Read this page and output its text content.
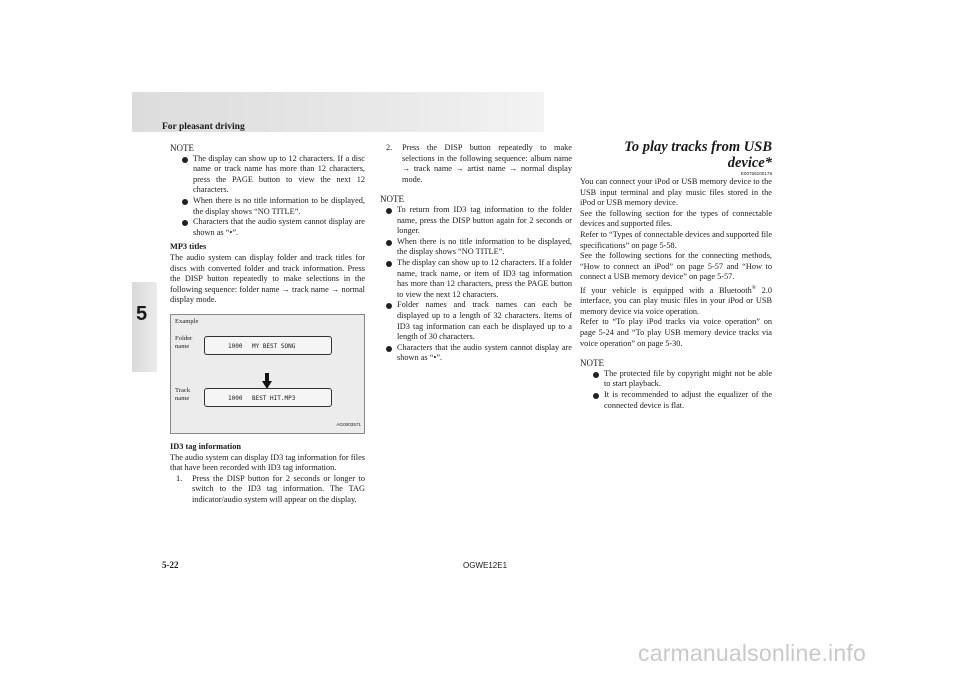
For pleasant driving
5

NOTE

The display can show up to 12 characters. If a disc name or track name has more than 12 characters, press the PAGE button to view the next 12 characters.

When there is no title information to be displayed, the display shows “NO TITLE”.

Characters that the audio system cannot display are shown as “•”.

MP3 titles

The audio system can display folder and track titles for discs with converted folder and track information. Press the DISP button repeatedly to make selections in the following sequence: folder name → track name → normal display mode.

Example
Folder
name	1000 MY BEST SONG
Track
name	1000 BEST HIT.MP3
AG0003571

ID3 tag information

The audio system can display ID3 tag information for files that have been recorded with ID3 tag information.

1. Press the DISP button for 2 seconds or longer to switch to the ID3 tag information. The TAG indicator/audio system will appear on the display.

2. Press the DISP button repeatedly to make selections in the following sequence: album name → track name → artist name → normal display mode.

NOTE

To return from ID3 tag information to the folder name, press the DISP button again for 2 seconds or longer.

When there is no title information to be displayed, the display shows “NO TITLE”.

The display can show up to 12 characters. If a folder name, track name, or item of ID3 tag information has more than 12 characters, press the PAGE button to view the next 12 characters.

Folder names and track names can each be displayed up to a length of 32 characters. Items of ID3 tag information can each be displayed up to a length of 30 characters.

Characters that the audio system cannot display are shown as “•”.

To play tracks from USB device*

E00756100178

You can connect your iPod or USB memory device to the USB input terminal and play music files stored in the iPod or USB memory device.

See the following section for the types of connectable devices and supported files.

Refer to “Types of connectable devices and supported file specifications” on page 5-58.

See the following sections for the connecting methods, “How to connect an iPod” on page 5-57 and “How to connect a USB memory device” on page 5-57.

If your vehicle is equipped with a Bluetooth® 2.0 interface, you can play music files in your iPod or USB memory device via voice operation.

Refer to “To play iPod tracks via voice operation” on page 5-24 and “To play USB memory device tracks via voice operation” on page 5-30.

NOTE

The protected file by copyright might not be able to start playback.

It is recommended to adjust the equalizer of the connected device is flat.

5-22	OGWE12E1
carmanualsonline.info
